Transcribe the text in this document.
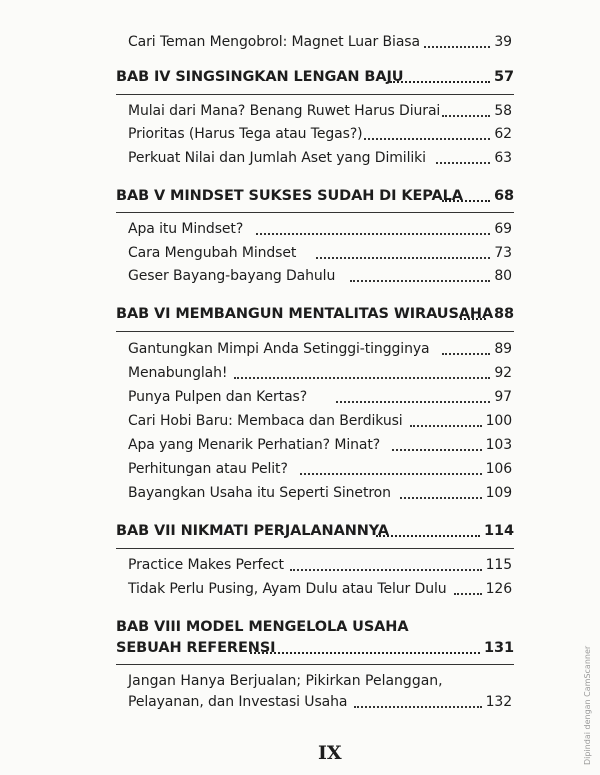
Cari Teman Mengobrol: Magnet Luar Biasa	39
BAB IV SINGSINGKAN LENGAN BAJU	57
Mulai dari Mana? Benang Ruwet Harus Diurai	58
Prioritas (Harus Tega atau Tegas?)	62
Perkuat Nilai dan Jumlah Aset yang Dimiliki	63
BAB V MINDSET SUKSES SUDAH DI KEPALA 68
Apa itu Mindset?	69
Cara Mengubah Mindset	73
Geser Bayang-bayang Dahulu	80
BAB VI MEMBANGUN MENTALITAS WIRAUSAHA 88
Gantungkan Mimpi Anda Setinggi-tingginya	89
Menabunglah!	92
Punya Pulpen dan Kertas?	97
Cari Hobi Baru: Membaca dan Berdikusi	100
Apa yang Menarik Perhatian? Minat?	103
Perhitungan atau Pelit?	106
Bayangkan Usaha itu Seperti Sinetron	109
BAB VII NIKMATI PERJALANANNYA	114
Practice Makes Perfect	115
Tidak Perlu Pusing, Ayam Dulu atau Telur Dulu	126
BAB VIII MODEL MENGELOLA USAHA
SEBUAH REFERENSI	131
Jangan Hanya Berjualan; Pikirkan Pelanggan,
Pelayanan, dan Investasi Usaha	132
IX	Dipindai dengan CamScanner
